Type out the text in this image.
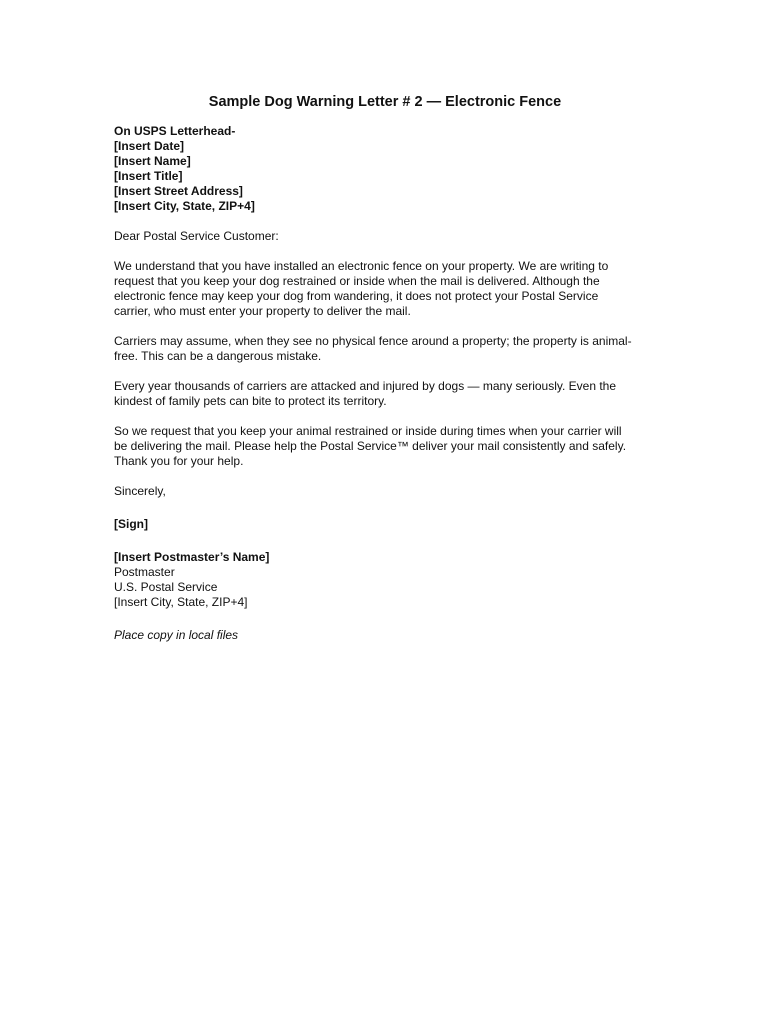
Sample Dog Warning Letter # 2 — Electronic Fence
On USPS Letterhead-
[Insert Date]
[Insert Name]
[Insert Title]
[Insert Street Address]
[Insert City, State, ZIP+4]
Dear Postal Service Customer:
We understand that you have installed an electronic fence on your property. We are writing to
request that you keep your dog restrained or inside when the mail is delivered. Although the
electronic fence may keep your dog from wandering, it does not protect your Postal Service
carrier, who must enter your property to deliver the mail.
Carriers may assume, when they see no physical fence around a property; the property is animal-
free. This can be a dangerous mistake.
Every year thousands of carriers are attacked and injured by dogs — many seriously. Even the
kindest of family pets can bite to protect its territory.
So we request that you keep your animal restrained or inside during times when your carrier will
be delivering the mail. Please help the Postal Service™ deliver your mail consistently and safely.
Thank you for your help.
Sincerely,
[Sign]
[Insert Postmaster’s Name]
Postmaster
U.S. Postal Service
[Insert City, State, ZIP+4]
Place copy in local files
